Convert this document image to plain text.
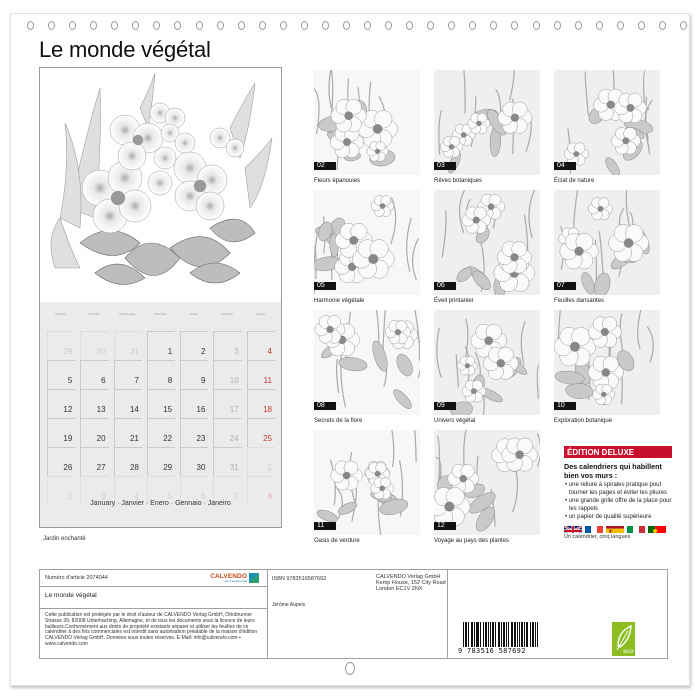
Le monde végétal
Monday	Tuesday	Wednesday	Thursday	Friday	Saturday	Sunday
29	30	31	1	2	3	4
5	6	7	8	9	10	11
12	13	14	15	16	17	18
19	20	21	22	23	24	25
26	27	28	29	30	31	1
2	3	4	5	6	7	8
January · Janvier · Enero · Gennaio · Janeiro
Jardin enchanté
02
Fleurs épanouies
03
Rêves botaniques
04
Éclat de nature
05
Harmonie végétale
06
Éveil printanier
07
Feuilles dansantes
08
Secrets de la flore
09
Univers végétal
10
Exploration botanique
11
Oasis de verdure
12
Voyage au pays des plantes
ÉDITION DELUXE
Des calendriers qui habillent bien vos murs :
• une reliure à spirales pratique pout tourner les pages et éviter les pliures
• une grande grille offre de la place pour les rappels
• un papier de qualité supérieure
Un calendrier, cinq langues
Numéro d'article 2074044	CALVENDO
kein Kalenderverlag
Le monde végétal
Cette publication est protégée par le droit d'auteur de CALVENDO Verlag GmbH, Ottobrunner Strasse 39, 82008 Unterhaching, Allemagne, et de tous les documents sous la licence de leurs bailleurs.Conformément aux droits de propriété existants séparer et utiliser les feuilles de ce calendrier à des fins commerciales est interdit sans autorisation préalable de la maison d'édition CALVENDO Verlag GmbH. Données sous toutes réserves. E-Mail: info@calvendo.com • www.calvendo.com
ISBN 9783516587692
Jérôme Aupeix
CALVENDO Verlag GmbH
Kemp House, 152 City Road
London EC1V 2NX
9 783516 587692	eco
